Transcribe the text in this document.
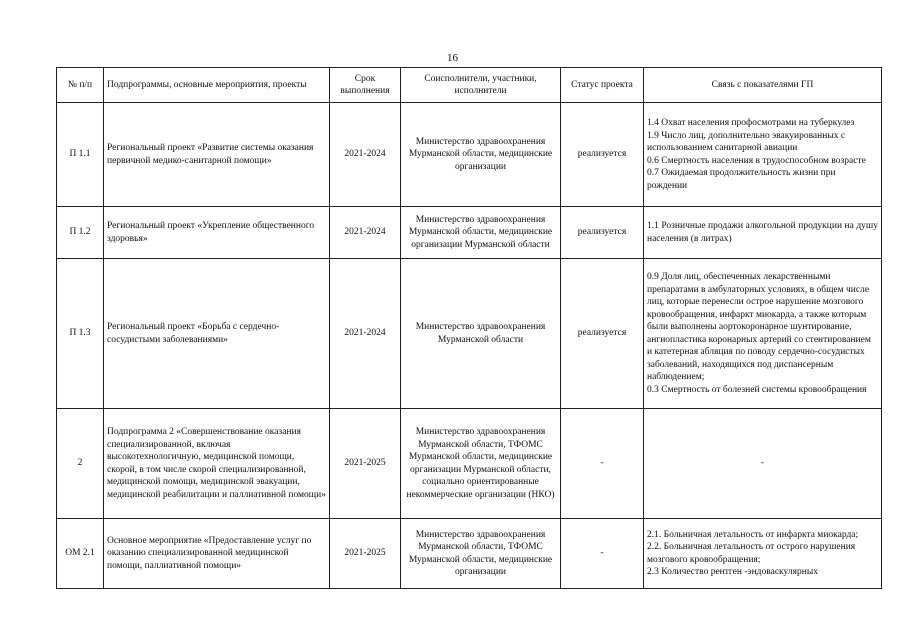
16
№ п/п	Подпрограммы, основные мероприятия, проекты	Срок выполнения	Соисполнители, участники, исполнители	Статус проекта	Связь с показателями ГП
П 1.1	Региональный проект «Развитие системы оказания первичной медико-санитарной помощи»	2021-2024	Министерство здравоохранения Мурманской области, медицинские организации	реализуется	1.4 Охват населения профосмотрами на туберкулез
1.9 Число лиц, дополнительно эвакуированных с использованием санитарной авиации
0.6 Смертность населения в трудоспособном возрасте
0.7 Ожидаемая продолжительность жизни при рождении

П 1.2	Региональный проект «Укрепление общественного здоровья»	2021-2024	Министерство здравоохранения Мурманской области, медицинские организации Мурманской области	реализуется	1.1 Розничные продажи алкогольной продукции на душу населения (в литрах)

П 1.3	Региональный проект «Борьба с сердечно-сосудистыми заболеваниями»	2021-2024	Министерство здравоохранения Мурманской области	реализуется	0.9 Доля лиц, обеспеченных лекарственными препаратами в амбулаторных условиях, в общем числе лиц, которые перенесли острое нарушение мозгового кровообращения, инфаркт миокарда, а также которым были выполнены аортокоронарное шунтирование, ангиопластика коронарных артерий со стентированием и катетерная абляция по поводу сердечно-сосудистых заболеваний, находящихся под диспансерным наблюдением;
0.3 Смертность от болезней системы кровообращения

2	Подпрограмма 2 «Совершенствование оказания специализированной, включая высокотехнологичную, медицинской помощи, скорой, в том числе скорой специализированной, медицинской помощи, медицинской эвакуации, медицинской реабилитации и паллиативной помощи»	2021-2025	Министерство здравоохранения Мурманской области, ТФОМС Мурманской области, медицинские организации Мурманской области, социально ориентированные некоммерческие организации (НКО)	-	-

ОМ 2.1	Основное мероприятие «Предоставление услуг по оказанию специализированной медицинской помощи, паллиативной помощи»	2021-2025	Министерство здравоохранения Мурманской области, ТФОМС Мурманской области, медицинские организации	-	2.1. Больничная летальность от инфаркта миокарда;
2.2. Больничная летальность от острого нарушения мозгового кровообращения;
2.3 Количество рентген -эндоваскулярных
